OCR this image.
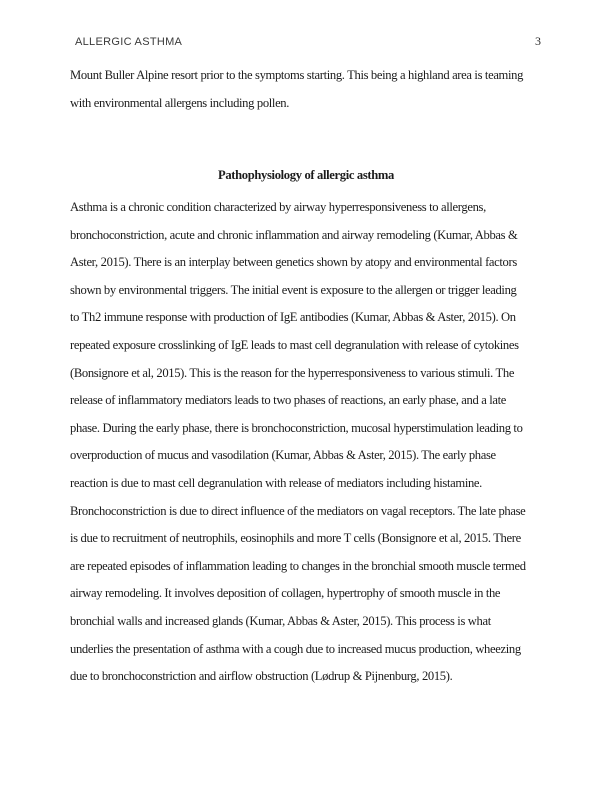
ALLERGIC ASTHMA	3
Mount Buller Alpine resort prior to the symptoms starting. This being a highland area is teaming
with environmental allergens including pollen.
Pathophysiology of allergic asthma
Asthma is a chronic condition characterized by airway hyperresponsiveness to allergens,
bronchoconstriction, acute and chronic inflammation and airway remodeling (Kumar, Abbas &
Aster, 2015). There is an interplay between genetics shown by atopy and environmental factors
shown by environmental triggers. The initial event is exposure to the allergen or trigger leading
to Th2 immune response with production of IgE antibodies (Kumar, Abbas & Aster, 2015). On
repeated exposure crosslinking of IgE leads to mast cell degranulation with release of cytokines
(Bonsignore et al, 2015). This is the reason for the hyperresponsiveness to various stimuli. The
release of inflammatory mediators leads to two phases of reactions, an early phase, and a late
phase. During the early phase, there is bronchoconstriction, mucosal hyperstimulation leading to
overproduction of mucus and vasodilation (Kumar, Abbas & Aster, 2015). The early phase
reaction is due to mast cell degranulation with release of mediators including histamine.
Bronchoconstriction is due to direct influence of the mediators on vagal receptors. The late phase
is due to recruitment of neutrophils, eosinophils and more T cells (Bonsignore et al, 2015. There
are repeated episodes of inflammation leading to changes in the bronchial smooth muscle termed
airway remodeling. It involves deposition of collagen, hypertrophy of smooth muscle in the
bronchial walls and increased glands (Kumar, Abbas & Aster, 2015). This process is what
underlies the presentation of asthma with a cough due to increased mucus production, wheezing
due to bronchoconstriction and airflow obstruction (Lødrup & Pijnenburg, 2015).
